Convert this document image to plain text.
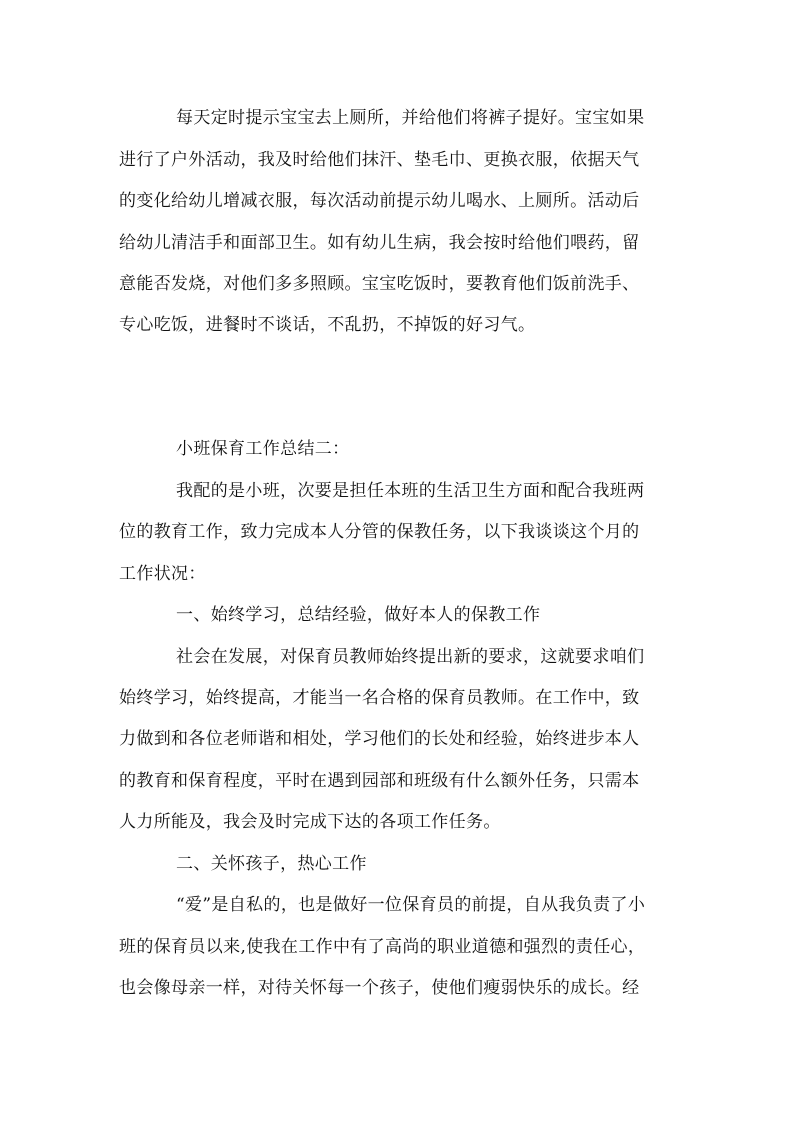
每天定时提示宝宝去上厕所，并给他们将裤子提好。宝宝如果
进行了户外活动，我及时给他们抹汗、垫毛巾、更换衣服，依据天气
的变化给幼儿增减衣服，每次活动前提示幼儿喝水、上厕所。活动后
给幼儿清洁手和面部卫生。如有幼儿生病，我会按时给他们喂药，留
意能否发烧，对他们多多照顾。宝宝吃饭时，要教育他们饭前洗手、
专心吃饭，进餐时不谈话，不乱扔，不掉饭的好习气。
小班保育工作总结二：
我配的是小班，次要是担任本班的生活卫生方面和配合我班两
位的教育工作，致力完成本人分管的保教任务，以下我谈谈这个月的
工作状况：
一、始终学习，总结经验，做好本人的保教工作
社会在发展，对保育员教师始终提出新的要求，这就要求咱们
始终学习，始终提高，才能当一名合格的保育员教师。在工作中，致
力做到和各位老师谐和相处，学习他们的长处和经验，始终进步本人
的教育和保育程度，平时在遇到园部和班级有什么额外任务，只需本
人力所能及，我会及时完成下达的各项工作任务。
二、关怀孩子，热心工作
“爱”是自私的，也是做好一位保育员的前提，自从我负责了小
班的保育员以来,使我在工作中有了高尚的职业道德和强烈的责任心，
也会像母亲一样，对待关怀每一个孩子，使他们瘦弱快乐的成长。经
